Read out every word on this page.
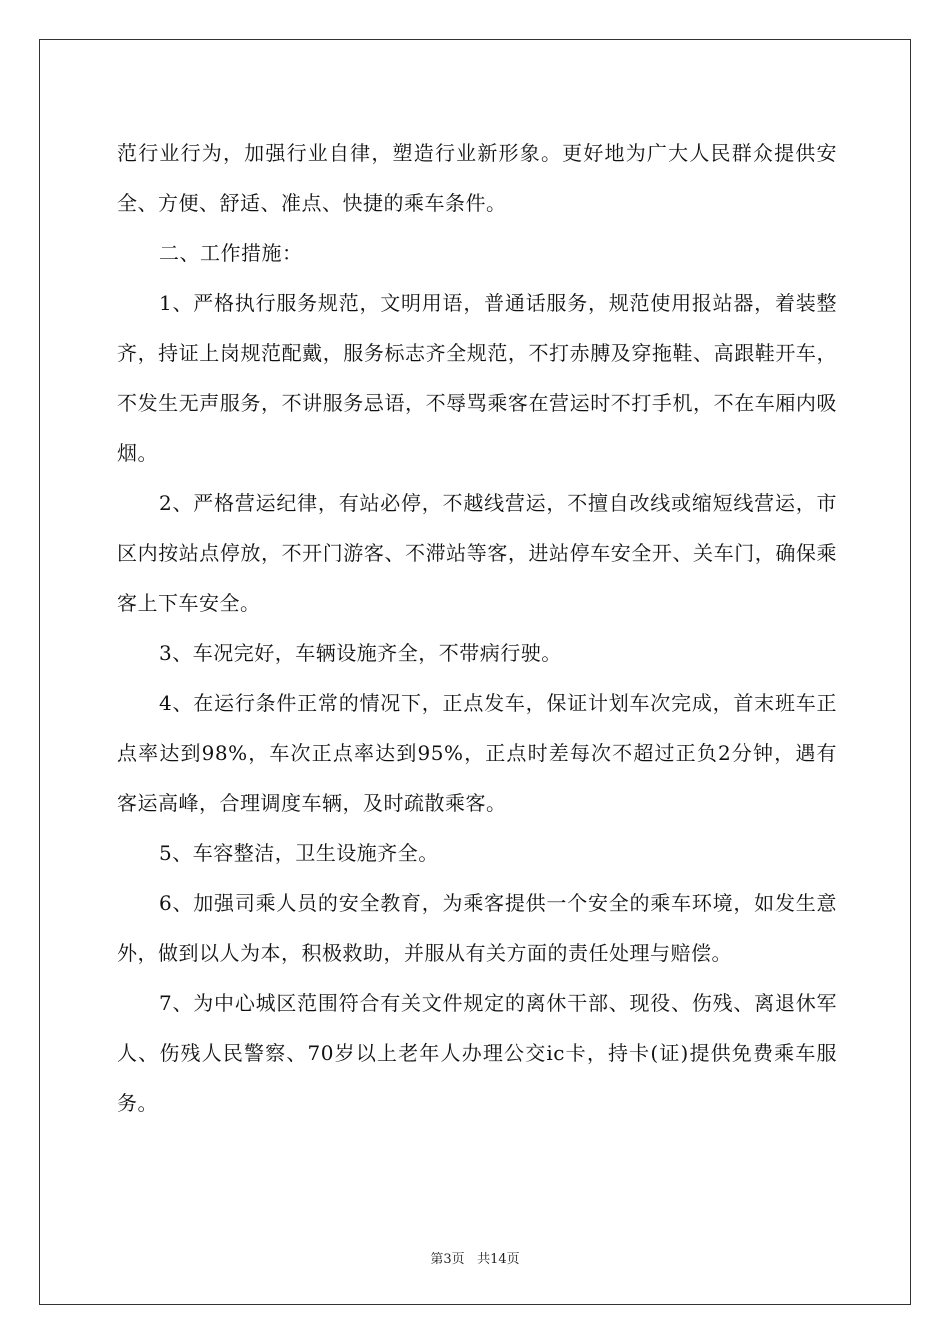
范行业行为，加强行业自律，塑造行业新形象。更好地为广大人民群众提供安全、方便、舒适、准点、快捷的乘车条件。

二、工作措施：

1、严格执行服务规范，文明用语，普通话服务，规范使用报站器，着装整齐，持证上岗规范配戴，服务标志齐全规范，不打赤膊及穿拖鞋、高跟鞋开车，不发生无声服务，不讲服务忌语，不辱骂乘客在营运时不打手机，不在车厢内吸烟。

2、严格营运纪律，有站必停，不越线营运，不擅自改线或缩短线营运，市区内按站点停放，不开门游客、不滞站等客，进站停车安全开、关车门，确保乘客上下车安全。

3、车况完好，车辆设施齐全，不带病行驶。

4、在运行条件正常的情况下，正点发车，保证计划车次完成，首末班车正点率达到98%，车次正点率达到95%，正点时差每次不超过正负2分钟，遇有客运高峰，合理调度车辆，及时疏散乘客。

5、车容整洁，卫生设施齐全。

6、加强司乘人员的安全教育，为乘客提供一个安全的乘车环境，如发生意外，做到以人为本，积极救助，并服从有关方面的责任处理与赔偿。

7、为中心城区范围符合有关文件规定的离休干部、现役、伤残、离退休军人、伤残人民警察、70岁以上老年人办理公交ic卡，持卡(证)提供免费乘车服务。

第3页 共14页
